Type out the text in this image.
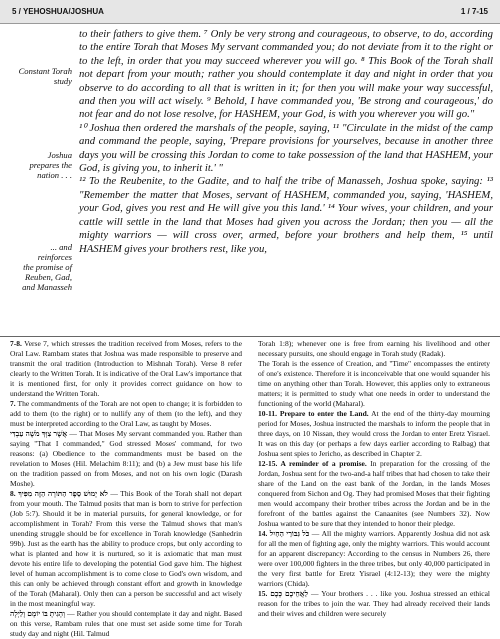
5 / YEHOSHUA/JOSHUA	1 / 7-15
Constant Torah
study
Joshua
prepares the
nation . . .
... and
reinforces
the promise of
Reuben, Gad,
and Manasseh

to their fathers to give them. ⁷ Only be very strong and courageous, to observe, to do, according to the entire Torah that Moses My servant commanded you; do not deviate from it to the right or to the left, in order that you may succeed wherever you will go. ⁸ This Book of the Torah shall not depart from your mouth; rather you should contemplate it day and night in order that you observe to do according to all that is written in it; for then you will make your way successful, and then you will act wisely. ⁹ Behold, I have commanded you, 'Be strong and courageous,' do not fear and do not lose resolve, for HASHEM, your God, is with you wherever you will go."

¹⁰ Joshua then ordered the marshals of the people, saying, ¹¹ "Circulate in the midst of the camp and command the people, saying, 'Prepare provisions for yourselves, because in another three days you will be crossing this Jordan to come to take possession of the land that HASHEM, your God, is giving you, to inherit it.' "

¹² To the Reubenite, to the Gadite, and to half the tribe of Manasseh, Joshua spoke, saying: ¹³ "Remember the matter that Moses, servant of HASHEM, commanded you, saying, 'HASHEM, your God, gives you rest and He will give you this land.' ¹⁴ Your wives, your children, and your cattle will settle in the land that Moses had given you across the Jordan; then you — all the mighty warriors — will cross over, armed, before your brothers and help them, ¹⁵ until HASHEM gives your brothers rest, like you,

7-8. Verse 7, which stresses the tradition received from Moses, refers to the Oral Law. Rambam states that Joshua was made responsible to preserve and transmit the oral tradition (Introduction to Mishnah Torah). Verse 8 refer clearly to the Written Torah. It is indicative of the Oral Law's importance that it is mentioned first, for only it provides correct guidance on how to understand the Written Torah.

7. The commandments of the Torah are not open to change; it is forbidden to add to them (to the right) or to nullify any of them (to the left), and they must be interpreted according to the Oral Law, as taught by Moses.

אֲשֶׁר צִוְּךָ מֹשֶׁה עַבְדִּי — That Moses My servant commanded you. Rather than saying "That I commanded," God stressed Moses' command, for two reasons: (a) Obedience to the commandments must be based on the revelation to Moses (Hil. Melachim 8:11); and (b) a Jew must base his life on the tradition passed on from Moses, and not on his own logic (Darash Moshe).

8. לֹא יָמוּשׁ סֵפֶר הַתּוֹרָה הַזֶּה מִפִּיךָ — This Book of the Torah shall not depart from your mouth. The Talmud posits that man is born to strive for perfection (Job 5:7). Should it be in material pursuits, for general knowledge, or for accomplishment in Torah? From this verse the Talmud shows that man's unending struggle should be for excellence in Torah knowledge (Sanhedrin 99b). Just as the earth has the ability to produce crops, but only according to what is planted and how it is nurtured, so it is axiomatic that man must devote his entire life to developing the potential God gave him. The highest level of human accomplishment is to come close to God's own wisdom, and this can only be achieved through constant effort and growth in knowledge of the Torah (Maharal). Only then can a person be successful and act wisely in the most meaningful way.

וְהָגִיתָ בּוֹ יוֹמָם וָלַיְלָה — Rather you should contemplate it day and night. Based on this verse, Rambam rules that one must set aside some time for Torah study day and night (Hil. Talmud

Torah 1:8); whenever one is free from earning his livelihood and other necessary pursuits, one should engage in Torah study (Radak).

The Torah is the essence of Creation, and "Time" encompasses the entirety of one's existence. Therefore it is inconceivable that one would squander his time on anything other than Torah. However, this applies only to extraneous matters; it is permitted to study what one needs in order to understand the functioning of the world (Maharal).

10-11. Prepare to enter the Land. At the end of the thirty-day mourning period for Moses, Joshua instructed the marshals to inform the people that in three days, on 10 Nissan, they would cross the Jordan to enter Eretz Yisrael. It was on this day (or perhaps a few days earlier according to Ralbag) that Joshua sent spies to Jericho, as described in Chapter 2.

12-15. A reminder of a promise. In preparation for the crossing of the Jordan, Joshua sent for the two-and-a half tribes that had chosen to take their share of the Land on the east bank of the Jordan, in the lands Moses conquered from Sichon and Og. They had promised Moses that their fighting men would accompany their brother tribes across the Jordan and be in the forefront of the battles against the Canaanites (see Numbers 32). Now Joshua wanted to be sure that they intended to honor their pledge.

14. כֹּל גִּבּוֹרֵי הַחַיִל — All the mighty warriors. Apparently Joshua did not ask for all the men of fighting age, only the mighty warriors. This would account for an apparent discrepancy: According to the census in Numbers 26, there were over 100,000 fighters in the three tribes, but only 40,000 participated in the very first battle for Eretz Yisrael (4:12-13); they were the mighty warriors (Chida).

15. לַאֲחֵיכֶם כָּכֶם — Your brothers . . . like you. Joshua stressed an ethical reason for the tribes to join the war. They had already received their lands and their wives and children were securely
